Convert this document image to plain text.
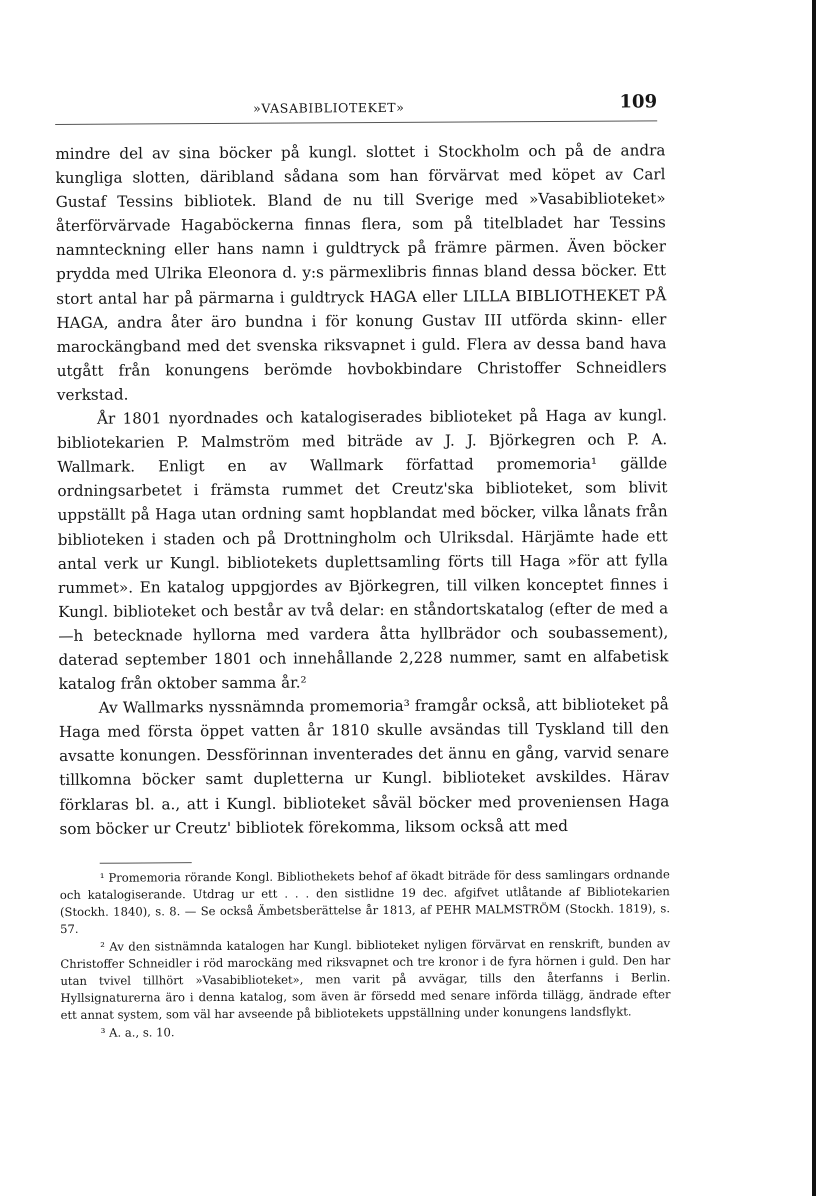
»VASABIBLIOTEKET»	109

mindre del av sina böcker på kungl. slottet i Stockholm och på de andra kungliga slotten, däribland sådana som han förvärvat med köpet av Carl Gustaf Tessins bibliotek. Bland de nu till Sverige med »Vasabiblioteket» återförvärvade Hagaböckerna finnas flera, som på titelbladet har Tessins namnteckning eller hans namn i guldtryck på främre pärmen. Även böcker prydda med Ulrika Eleonora d. y:s pärmexlibris finnas bland dessa böcker. Ett stort antal har på pärmarna i guldtryck HAGA eller LILLA BIBLIOTHEKET PÅ HAGA, andra åter äro bundna i för konung Gustav III utförda skinn- eller marockängband med det svenska riksvapnet i guld. Flera av dessa band hava utgått från konungens berömde hovbokbindare Christoffer Schneidlers verkstad.

År 1801 nyordnades och katalogiserades biblioteket på Haga av kungl. bibliotekarien P. Malmström med biträde av J. J. Björkegren och P. A. Wallmark. Enligt en av Wallmark författad promemoria¹ gällde ordningsarbetet i främsta rummet det Creutz'ska biblioteket, som blivit uppställt på Haga utan ordning samt hopblandat med böcker, vilka lånats från biblioteken i staden och på Drottningholm och Ulriksdal. Härjämte hade ett antal verk ur Kungl. bibliotekets duplettsamling förts till Haga »för att fylla rummet». En katalog uppgjordes av Björkegren, till vilken konceptet finnes i Kungl. biblioteket och består av två delar: en ståndortskatalog (efter de med a—h betecknade hyllorna med vardera åtta hyllbrädor och soubassement), daterad september 1801 och innehållande 2,228 nummer, samt en alfabetisk katalog från oktober samma år.²

Av Wallmarks nyssnämnda promemoria³ framgår också, att biblioteket på Haga med första öppet vatten år 1810 skulle avsändas till Tyskland till den avsatte konungen. Dessförinnan inventerades det ännu en gång, varvid senare tillkomna böcker samt dupletterna ur Kungl. biblioteket avskildes. Härav förklaras bl. a., att i Kungl. biblioteket såväl böcker med proveniensen Haga som böcker ur Creutz' bibliotek förekomma, liksom också att med

¹ Promemoria rörande Kongl. Bibliothekets behof af ökadt biträde för dess samlingars ordnande och katalogiserande. Utdrag ur ett . . . den sistlidne 19 dec. afgifvet utlåtande af Bibliotekarien (Stockh. 1840), s. 8. — Se också Ämbetsberättelse år 1813, af PEHR MALMSTRÖM (Stockh. 1819), s. 57.

² Av den sistnämnda katalogen har Kungl. biblioteket nyligen förvärvat en renskrift, bunden av Christoffer Schneidler i röd marockäng med riksvapnet och tre kronor i de fyra hörnen i guld. Den har utan tvivel tillhört »Vasabiblioteket», men varit på avvägar, tills den återfanns i Berlin. Hyllsignaturerna äro i denna katalog, som även är försedd med senare införda tillägg, ändrade efter ett annat system, som väl har avseende på bibliotekets uppställning under konungens landsflykt.

³ A. a., s. 10.
